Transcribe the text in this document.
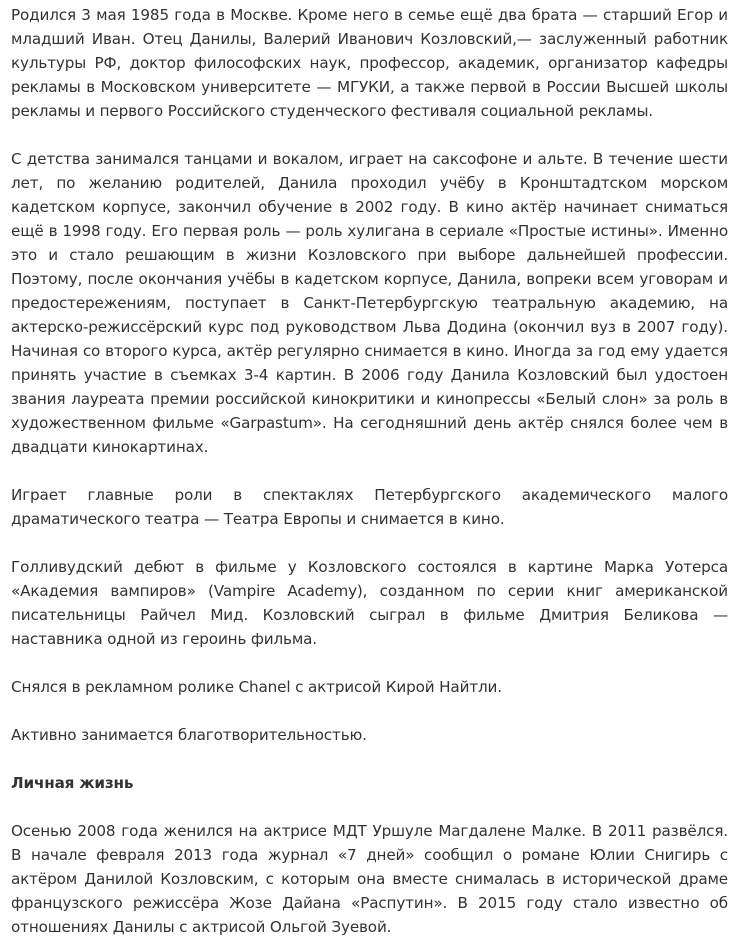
Родился 3 мая 1985 года в Москве. Кроме него в семье ещё два брата — старший Егор и младший Иван. Отец Данилы, Валерий Иванович Козловский,— заслуженный работник культуры РФ, доктор философских наук, профессор, академик, организатор кафедры рекламы в Московском университете — МГУКИ, а также первой в России Высшей школы рекламы и первого Российского студенческого фестиваля социальной рекламы.

С детства занимался танцами и вокалом, играет на саксофоне и альте. В течение шести лет, по желанию родителей, Данила проходил учёбу в Кронштадтском морском кадетском корпусе, закончил обучение в 2002 году. В кино актёр начинает сниматься ещё в 1998 году. Его первая роль — роль хулигана в сериале «Простые истины». Именно это и стало решающим в жизни Козловского при выборе дальнейшей профессии. Поэтому, после окончания учёбы в кадетском корпусе, Данила, вопреки всем уговорам и предостережениям, поступает в Санкт-Петербургскую театральную академию, на актерско-режиссёрский курс под руководством Льва Додина (окончил вуз в 2007 году). Начиная со второго курса, актёр регулярно снимается в кино. Иногда за год ему удается принять участие в съемках 3-4 картин. В 2006 году Данила Козловский был удостоен звания лауреата премии российской кинокритики и кинопрессы «Белый слон» за роль в художественном фильме «Garpastum». На сегодняшний день актёр снялся более чем в двадцати кинокартинах.

Играет главные роли в спектаклях Петербургского академического малого драматического театра — Театра Европы и снимается в кино.

Голливудский дебют в фильме у Козловского состоялся в картине Марка Уотерса «Академия вампиров» (Vampire Academy), созданном по серии книг американской писательницы Райчел Мид. Козловский сыграл в фильме Дмитрия Беликова — наставника одной из героинь фильма.

Снялся в рекламном ролике Chanel с актрисой Кирой Найтли.

Активно занимается благотворительностью.

Личная жизнь

Осенью 2008 года женился на актрисе МДТ Уршуле Магдалене Малке. В 2011 развёлся. В начале февраля 2013 года журнал «7 дней» сообщил о романе Юлии Снигирь с актёром Данилой Козловским, с которым она вместе снималась в исторической драме французского режиссёра Жозе Дайана «Распутин». В 2015 году стало известно об отношениях Данилы с актрисой Ольгой Зуевой.
